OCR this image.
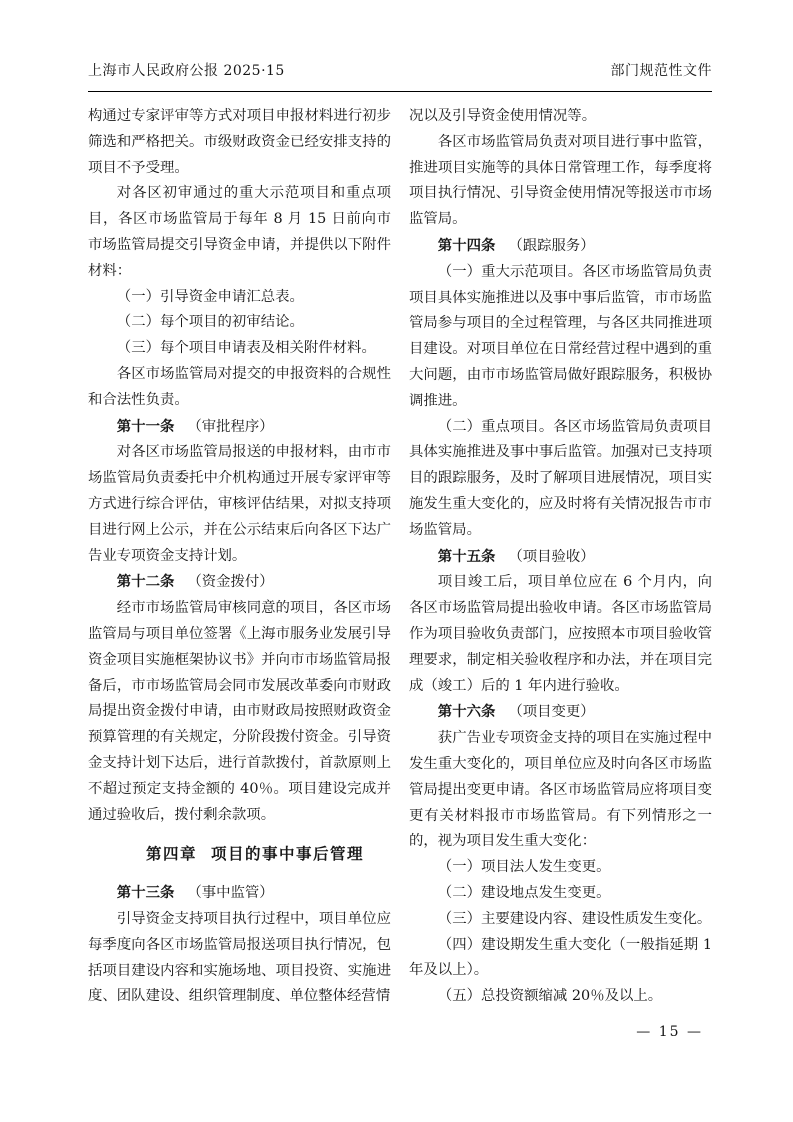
上海市人民政府公报 2025·15	部门规范性文件

构通过专家评审等方式对项目申报材料进行初步筛选和严格把关。市级财政资金已经安排支持的项目不予受理。

对各区初审通过的重大示范项目和重点项目，各区市场监管局于每年 8 月 15 日前向市市场监管局提交引导资金申请，并提供以下附件材料：

（一）引导资金申请汇总表。

（二）每个项目的初审结论。

（三）每个项目申请表及相关附件材料。

各区市场监管局对提交的申报资料的合规性和合法性负责。

第十一条 （审批程序）

对各区市场监管局报送的申报材料，由市市场监管局负责委托中介机构通过开展专家评审等方式进行综合评估，审核评估结果，对拟支持项目进行网上公示，并在公示结束后向各区下达广告业专项资金支持计划。

第十二条 （资金拨付）

经市市场监管局审核同意的项目，各区市场监管局与项目单位签署《上海市服务业发展引导资金项目实施框架协议书》并向市市场监管局报备后，市市场监管局会同市发展改革委向市财政局提出资金拨付申请，由市财政局按照财政资金预算管理的有关规定，分阶段拨付资金。引导资金支持计划下达后，进行首款拨付，首款原则上不超过预定支持金额的 40％。项目建设完成并通过验收后，拨付剩余款项。

第四章 项目的事中事后管理

第十三条 （事中监管）

引导资金支持项目执行过程中，项目单位应每季度向各区市场监管局报送项目执行情况，包括项目建设内容和实施场地、项目投资、实施进度、团队建设、组织管理制度、单位整体经营情

况以及引导资金使用情况等。

各区市场监管局负责对项目进行事中监管，推进项目实施等的具体日常管理工作，每季度将项目执行情况、引导资金使用情况等报送市市场监管局。

第十四条 （跟踪服务）

（一）重大示范项目。各区市场监管局负责项目具体实施推进以及事中事后监管，市市场监管局参与项目的全过程管理，与各区共同推进项目建设。对项目单位在日常经营过程中遇到的重大问题，由市市场监管局做好跟踪服务，积极协调推进。

（二）重点项目。各区市场监管局负责项目具体实施推进及事中事后监管。加强对已支持项目的跟踪服务，及时了解项目进展情况，项目实施发生重大变化的，应及时将有关情况报告市市场监管局。

第十五条 （项目验收）

项目竣工后，项目单位应在 6 个月内，向各区市场监管局提出验收申请。各区市场监管局作为项目验收负责部门，应按照本市项目验收管理要求，制定相关验收程序和办法，并在项目完成（竣工）后的 1 年内进行验收。

第十六条 （项目变更）

获广告业专项资金支持的项目在实施过程中发生重大变化的，项目单位应及时向各区市场监管局提出变更申请。各区市场监管局应将项目变更有关材料报市市场监管局。有下列情形之一的，视为项目发生重大变化：

（一）项目法人发生变更。

（二）建设地点发生变更。

（三）主要建设内容、建设性质发生变化。

（四）建设期发生重大变化（一般指延期 1 年及以上）。

（五）总投资额缩减 20％及以上。

— 15 —
